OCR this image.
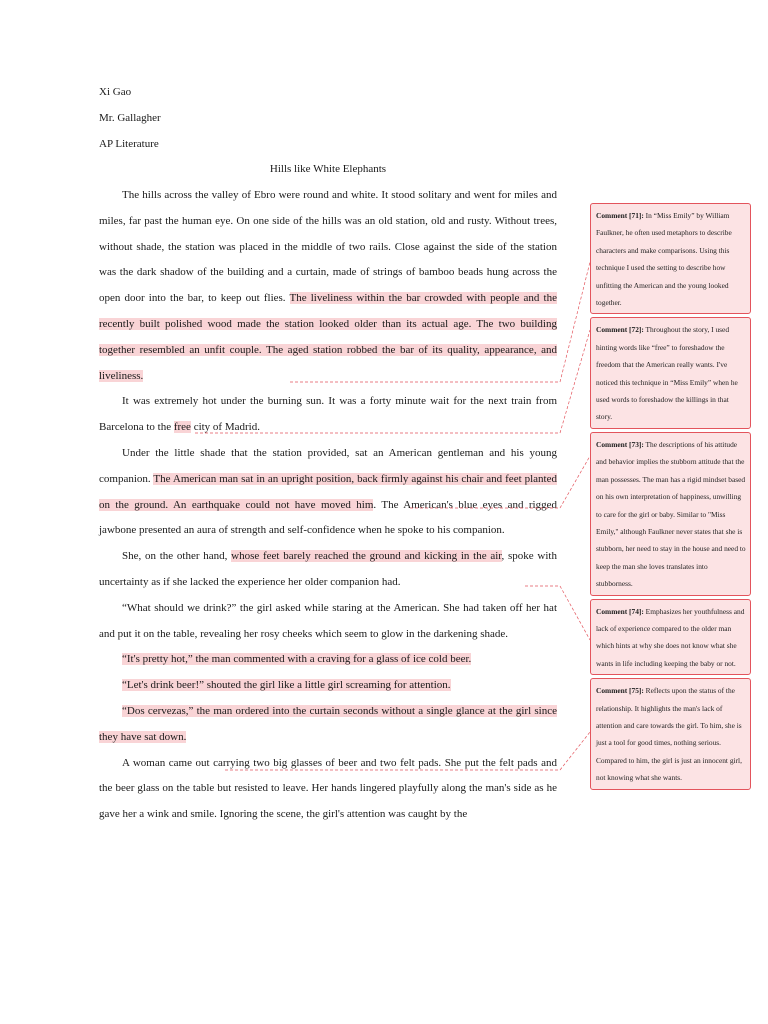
Xi Gao
Mr. Gallagher
AP Literature
Hills like White Elephants

The hills across the valley of Ebro were round and white. It stood solitary and went for miles and miles, far past the human eye. On one side of the hills was an old station, old and rusty. Without trees, without shade, the station was placed in the middle of two rails. Close against the side of the station was the dark shadow of the building and a curtain, made of strings of bamboo beads hung across the open door into the bar, to keep out flies. The liveliness within the bar crowded with people and the recently built polished wood made the station looked older than its actual age. The two building together resembled an unfit couple. The aged station robbed the bar of its quality, appearance, and liveliness.

It was extremely hot under the burning sun. It was a forty minute wait for the next train from Barcelona to the free city of Madrid.

Under the little shade that the station provided, sat an American gentleman and his young companion. The American man sat in an upright position, back firmly against his chair and feet planted on the ground. An earthquake could not have moved him. The American's blue eyes and rigged jawbone presented an aura of strength and self-confidence when he spoke to his companion.

She, on the other hand, whose feet barely reached the ground and kicking in the air, spoke with uncertainty as if she lacked the experience her older companion had.

“What should we drink?” the girl asked while staring at the American. She had taken off her hat and put it on the table, revealing her rosy cheeks which seem to glow in the darkening shade.

“It's pretty hot,” the man commented with a craving for a glass of ice cold beer.

“Let's drink beer!” shouted the girl like a little girl screaming for attention.

“Dos cervezas,” the man ordered into the curtain seconds without a single glance at the girl since they have sat down.

A woman came out carrying two big glasses of beer and two felt pads. She put the felt pads and the beer glass on the table but resisted to leave. Her hands lingered playfully along the man's side as he gave her a wink and smile. Ignoring the scene, the girl's attention was caught by the

Comment [71]: In “Miss Emily” by William Faulkner, he often used metaphors to describe characters and make comparisons. Using this technique I used the setting to describe how unfitting the American and the young looked together.
Comment [72]: Throughout the story, I used hinting words like “free” to foreshadow the freedom that the American really wants. I've noticed this technique in “Miss Emily” when he used words to foreshadow the killings in that story.
Comment [73]: The descriptions of his attitude and behavior implies the stubborn attitude that the man possesses. The man has a rigid mindset based on his own interpretation of happiness, unwilling to care for the girl or baby. Similar to "Miss Emily," although Faulkner never states that she is stubborn, her need to stay in the house and need to keep the man she loves translates into stubborness.
Comment [74]: Emphasizes her youthfulness and lack of experience compared to the older man which hints at why she does not know what she wants in life including keeping the baby or not.
Comment [75]: Reflects upon the status of the relationship. It highlights the man's lack of attention and care towards the girl. To him, she is just a tool for good times, nothing serious. Compared to him, the girl is just an innocent girl, not knowing what she wants.
